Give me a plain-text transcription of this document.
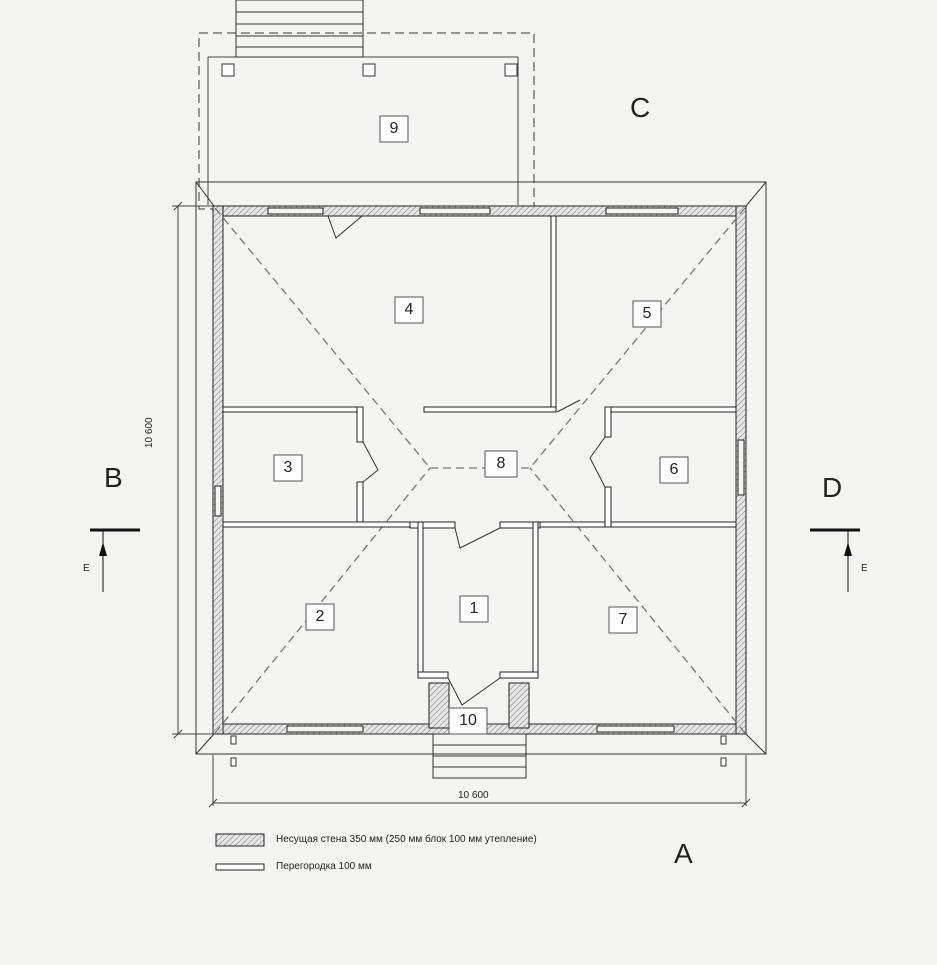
1
2
3
4	5
8	6
7
9
10
C
B	D
A
E	E
10 600
10 600
Несущая стена 350 мм (250 мм блок 100 мм утепление)
Перегородка 100 мм
